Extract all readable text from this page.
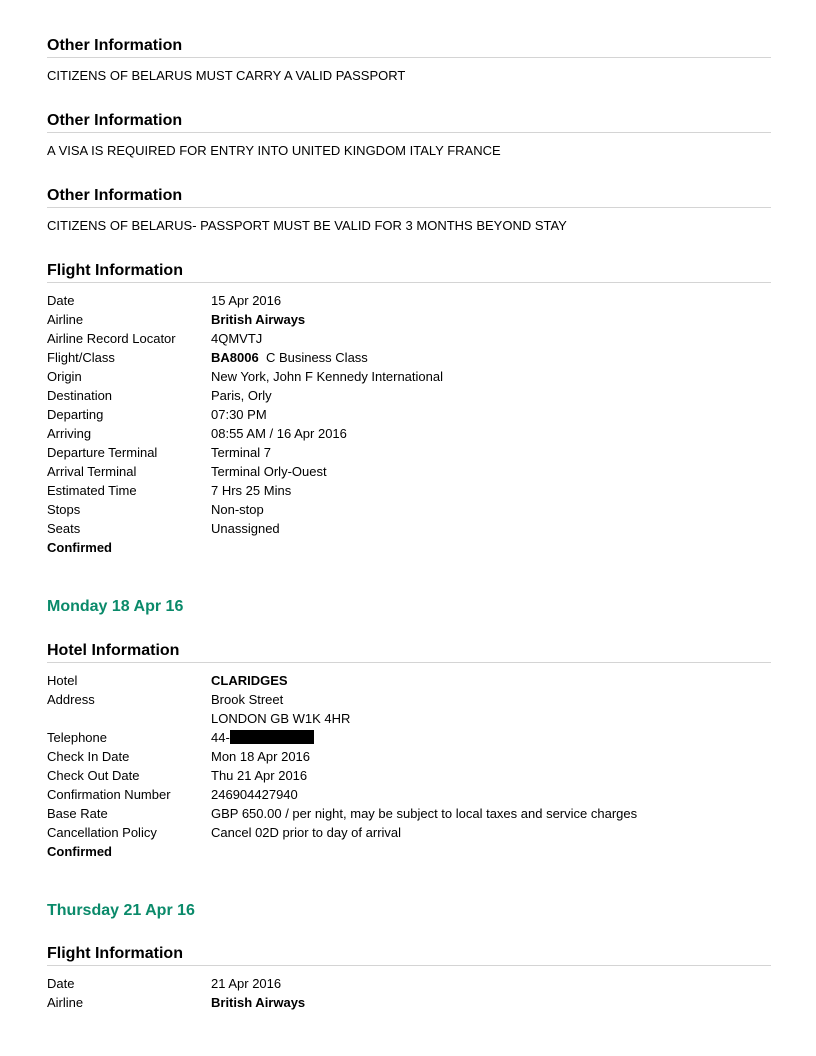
Other Information
CITIZENS OF BELARUS MUST CARRY A VALID PASSPORT
Other Information
A VISA IS REQUIRED FOR ENTRY INTO UNITED KINGDOM ITALY FRANCE
Other Information
CITIZENS OF BELARUS- PASSPORT MUST BE VALID FOR 3 MONTHS BEYOND STAY
Flight Information
Date	15 Apr 2016
Airline	British Airways
Airline Record Locator	4QMVTJ
Flight/Class	BA8006 C Business Class
Origin	New York, John F Kennedy International
Destination	Paris, Orly
Departing	07:30 PM
Arriving	08:55 AM / 16 Apr 2016
Departure Terminal	Terminal 7
Arrival Terminal	Terminal Orly-Ouest
Estimated Time	7 Hrs 25 Mins
Stops	Non-stop
Seats	Unassigned
Confirmed
Monday 18 Apr 16
Hotel Information
Hotel	CLARIDGES
Address	Brook Street
LONDON GB W1K 4HR
Telephone	44-
Check In Date	Mon 18 Apr 2016
Check Out Date	Thu 21 Apr 2016
Confirmation Number	246904427940
Base Rate	GBP 650.00 / per night, may be subject to local taxes and service charges
Cancellation Policy	Cancel 02D prior to day of arrival
Confirmed
Thursday 21 Apr 16
Flight Information
Date	21 Apr 2016
Airline	British Airways
